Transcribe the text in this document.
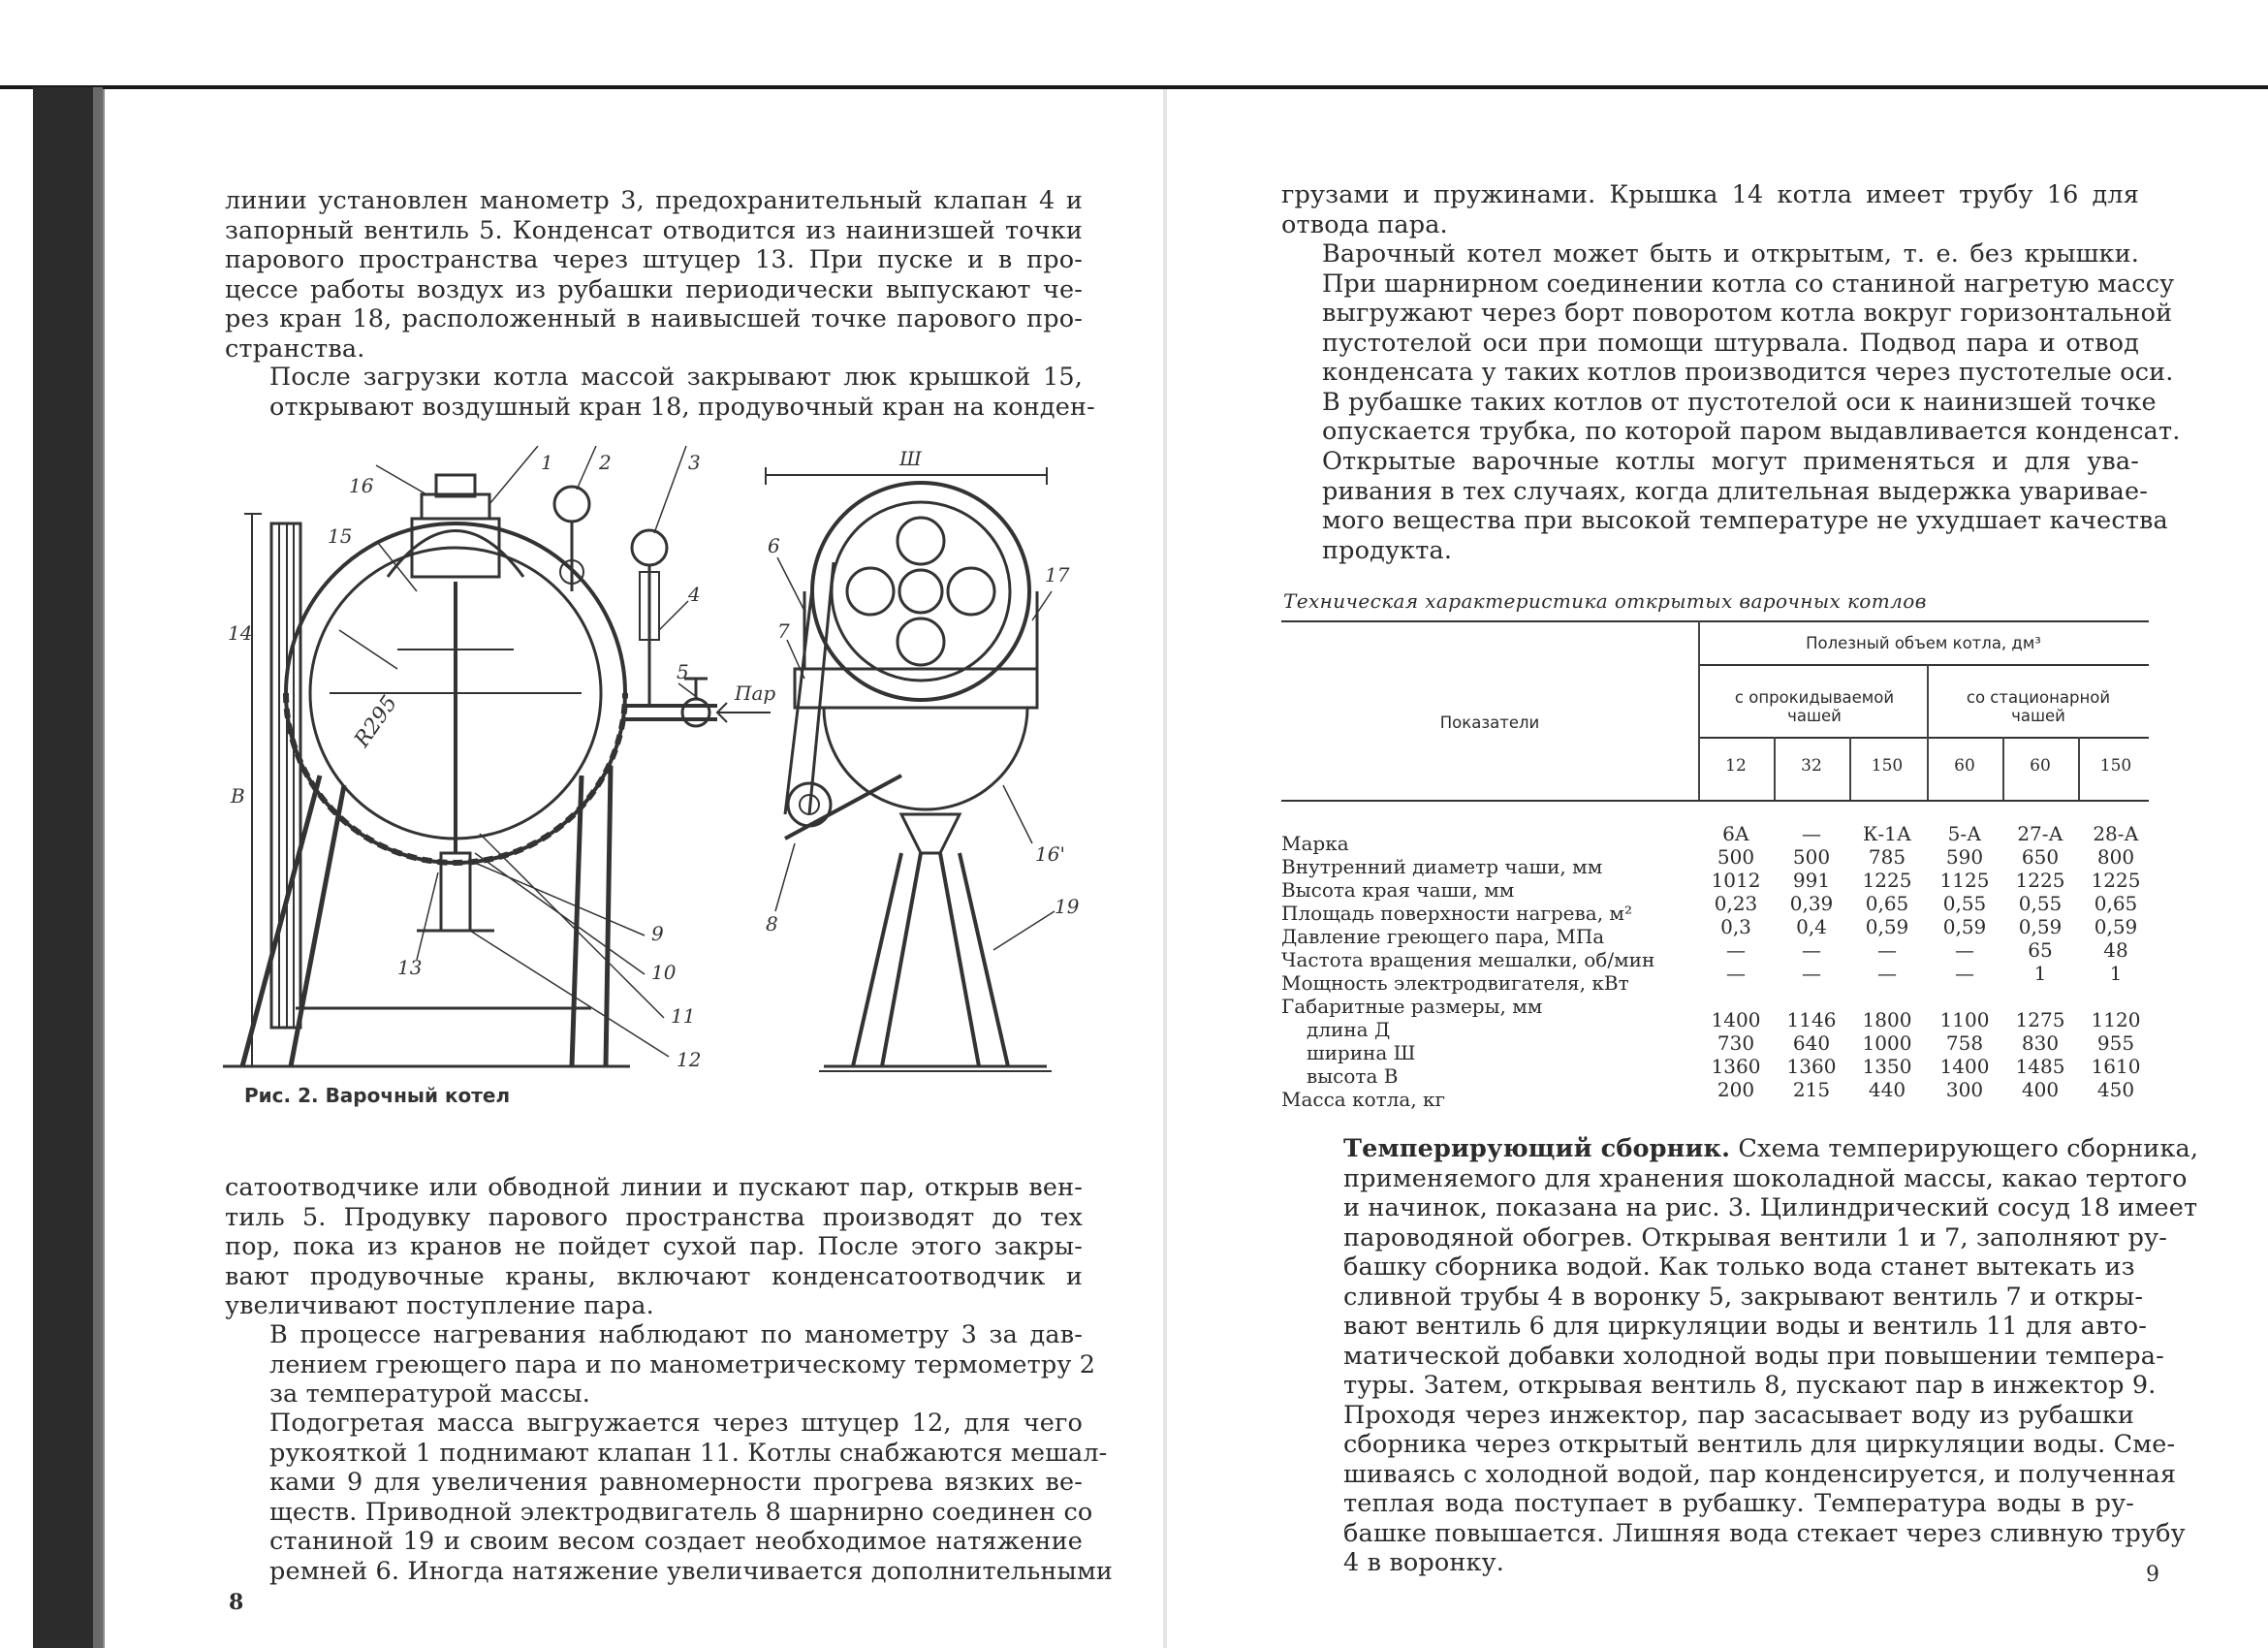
линии установлен манометр 3, предохранительный клапан 4 и
запорный вентиль 5. Конденсат отводится из наинизшей точки
парового пространства через штуцер 13. При пуске и в про-
цессе работы воздух из рубашки периодически выпускают че-
рез кран 18, расположенный в наивысшей точке парового про-
странства.
После загрузки котла массой закрывают люк крышкой 15,
открывают воздушный кран 18, продувочный кран на конден-
R295
16
1 2	3
15
4
14
5
Пар
9
10
11
12
13
В
Ш
6
7
17
8
16'
19
Рис. 2. Варочный котел
сатоотводчике или обводной линии и пускают пар, открыв вен-
тиль 5. Продувку парового пространства производят до тех
пор, пока из кранов не пойдет сухой пар. После этого закры-
вают продувочные краны, включают конденсатоотводчик и
увеличивают поступление пара.
В процессе нагревания наблюдают по манометру 3 за дав-
лением греющего пара и по манометрическому термометру 2
за температурой массы.
Подогретая масса выгружается через штуцер 12, для чего
рукояткой 1 поднимают клапан 11. Котлы снабжаются мешал-
ками 9 для увеличения равномерности прогрева вязких ве-
ществ. Приводной электродвигатель 8 шарнирно соединен со
станиной 19 и своим весом создает необходимое натяжение
ремней 6. Иногда натяжение увеличивается дополнительными
8
грузами и пружинами. Крышка 14 котла имеет трубу 16 для
отвода пара.
Варочный котел может быть и открытым, т. е. без крышки.
При шарнирном соединении котла со станиной нагретую массу
выгружают через борт поворотом котла вокруг горизонтальной
пустотелой оси при помощи штурвала. Подвод пара и отвод
конденсата у таких котлов производится через пустотелые оси.
В рубашке таких котлов от пустотелой оси к наинизшей точке
опускается трубка, по которой паром выдавливается конденсат.
Открытые варочные котлы могут применяться и для ува-
ривания в тех случаях, когда длительная выдержка увариваe-
мого вещества при высокой температуре не ухудшает качества
продукта.
Техническая характеристика открытых варочных котлов
Показатели
Полезный объем котла, дм³
с опрокидываемой чашей
со стационарной чашей
12	32	150	60	60	150
Марка	6А	—	К-1А	5-А	27-А	28-А
Внутренний диаметр чаши, мм	500	500	785	590	650	800
Высота края чаши, мм	1012	991	1225	1125	1225	1225
Площадь поверхности нагрева, м²	0,23	0,39	0,65	0,55	0,55	0,65
Давление греющего пара, МПа	0,3	0,4	0,59	0,59	0,59	0,59
Частота вращения мешалки, об/мин	—	—	—	—	65	48
Мощность электродвигателя, кВт	—	—	—	—	1	1
Габаритные размеры, мм
длина Д	1400	1146	1800	1100	1275	1120
ширина Ш	730	640	1000	758	830	955
высота В	1360	1360	1350	1400	1485	1610
Масса котла, кг	200	215	440	300	400	450
Темперирующий сборник. Схема темперирующего сборника,
применяемого для хранения шоколадной массы, какао тертого
и начинок, показана на рис. 3. Цилиндрический сосуд 18 имеет
пароводяной обогрев. Открывая вентили 1 и 7, заполняют ру-
башку сборника водой. Как только вода станет вытекать из
сливной трубы 4 в воронку 5, закрывают вентиль 7 и откры-
вают вентиль 6 для циркуляции воды и вентиль 11 для авто-
матической добавки холодной воды при повышении темпера-
туры. Затем, открывая вентиль 8, пускают пар в инжектор 9.
Проходя через инжектор, пар засасывает воду из рубашки
сборника через открытый вентиль для циркуляции воды. Сме-
шиваясь с холодной водой, пар конденсируется, и полученная
теплая вода поступает в рубашку. Температура воды в ру-
башке повышается. Лишняя вода стекает через сливную трубу
4 в воронку.	9
